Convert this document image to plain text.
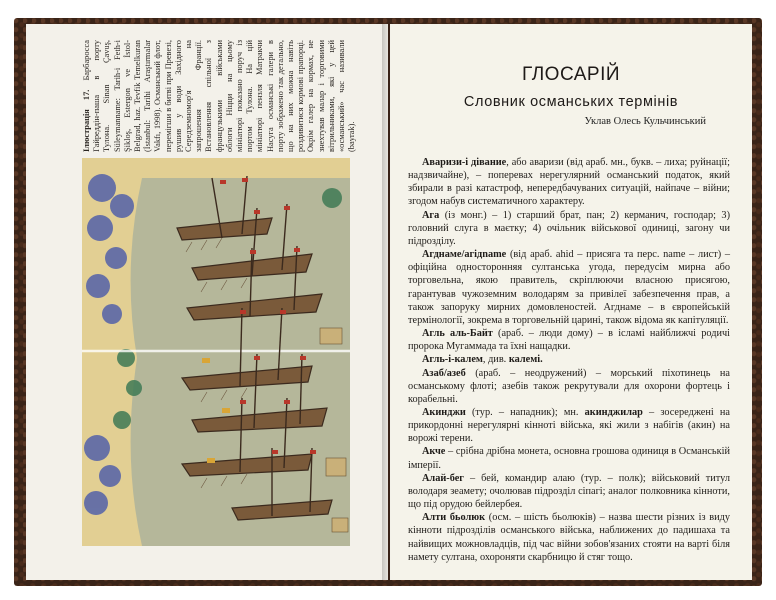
Ілюстрація 17. Барбаросса Гайреддін-паша в порту Тулона. Sinan Çavuş, Süleymanname: Tarih-i Feth-i Şikloş, Estergon ve İstol-Belgrad, haz. Tevfik Temelkuran (İstanbul: Tarihi Araştırmalar Vakfı, 1998). Османський флот, перемігши в битві при Превезі, рушив у води Західного Середземномор'я на запрошення Франції. Встановлення спільної з французькими військами облоги Ніцци на цьому мініатюрі показано поруч із портом Тулона. На цій мініатюрі пензля Матракчи Насуга османські галери в порту зображено так детально, що на них можна навіть роздивитися кормові прапорці. Окрім галер на кормах, не знехтував малар і торговими вітрильниками, які у цей «османський» час називали (bayrak).
ГЛОСАРІЙ
Словник османських термінів
Уклав Олесь Кульчинський

Аваризи-і дівание, або аваризи (від араб. мн., букв. – лиха; руйнації; надзвичайне), – поперевах нерегулярний османський податок, який збирали в разі катастроф, непередбачуваних ситуацій, найпаче – війни; згодом набув систематичного характеру.

Ага (із монг.) – 1) старший брат, пан; 2) керманич, господар; 3) головний слуга в маєтку; 4) очільник військової одиниці, загону чи підрозділу.

Агднаме/агідname (від араб. ahid – присяга та перс. name – лист) – офіційна односторонняя султанська угода, передусім мирна або торговельна, якою правитель, скріплюючи власною присягою, гарантував чужоземним володарям за привілеї забезпечення прав, а також запоруку мирних домовленостей. Агднаме – в європейській термінології, зокрема в торговельній царині, також відома як капітуляції.

Агль аль-Байт (араб. – люди дому) – в ісламі найближчі родичі пророка Мугаммада та їхні нащадки.

Агль-і-калем, див. калемі.

Азаб/азеб (араб. – неодружений) – морський піхотинець на османському флоті; азебів також рекрутували для охорони фортець і корабельні.

Акинджи (тур. – нападник); мн. акинджилар – зосереджені на прикордонні нерегулярні кінноті війська, які жили з набігів (акин) на ворожі терени.

Акче – срібна дрібна монета, основна грошова одиниця в Османській імперії.

Алай-бег – бей, командир алаю (тур. – полк); військовий титул володаря зеамету; очолював підрозділ сіпагі; аналог полковника кінноти, що під орудою бейлербея.

Алти бьолюк (осм. – шість бьолюків) – назва шести різних із виду кінноти підрозділів османського війська, наближених до падишаха та найвищих можновладців, під час війни зобов'язаних стояти на варті біля намету султана, охороняти скарбницю й стяг тощо.
